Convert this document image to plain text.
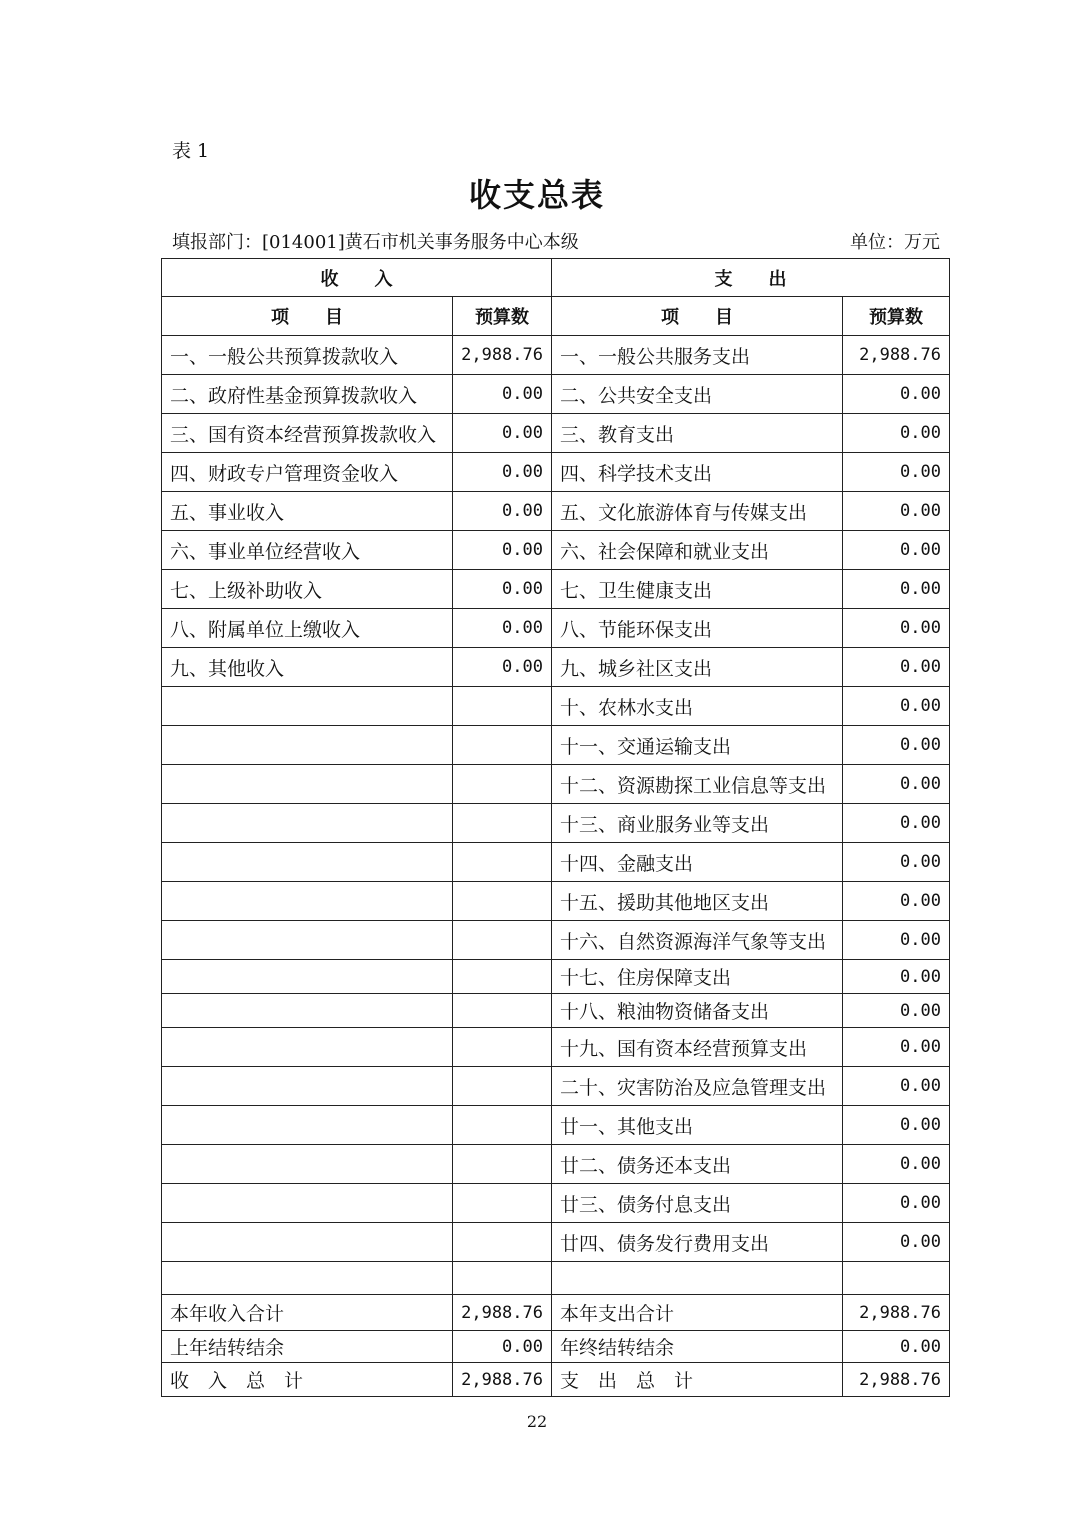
表 1
收支总表
填报部门：[014001]黄石市机关事务服务中心本级	单位：万元
收　　入		支　　出	
项　　目	预算数	项　　目	预算数
一、一般公共预算拨款收入	2,988.76	一、一般公共服务支出	2,988.76
二、政府性基金预算拨款收入	0.00	二、公共安全支出	0.00
三、国有资本经营预算拨款收入	0.00	三、教育支出	0.00
四、财政专户管理资金收入	0.00	四、科学技术支出	0.00
五、事业收入	0.00	五、文化旅游体育与传媒支出	0.00
六、事业单位经营收入	0.00	六、社会保障和就业支出	0.00
七、上级补助收入	0.00	七、卫生健康支出	0.00
八、附属单位上缴收入	0.00	八、节能环保支出	0.00
九、其他收入	0.00	九、城乡社区支出	0.00
		十、农林水支出	0.00
		十一、交通运输支出	0.00
		十二、资源勘探工业信息等支出	0.00
		十三、商业服务业等支出	0.00
		十四、金融支出	0.00
		十五、援助其他地区支出	0.00
		十六、自然资源海洋气象等支出	0.00
		十七、住房保障支出	0.00
		十八、粮油物资储备支出	0.00
		十九、国有资本经营预算支出	0.00
		二十、灾害防治及应急管理支出	0.00
		廿一、其他支出	0.00
		廿二、债务还本支出	0.00
		廿三、债务付息支出	0.00
		廿四、债务发行费用支出	0.00

本年收入合计	2,988.76	本年支出合计	2,988.76
上年结转结余	0.00	年终结转结余	0.00
收　入　总　计	2,988.76	支　出　总　计	2,988.76
22
